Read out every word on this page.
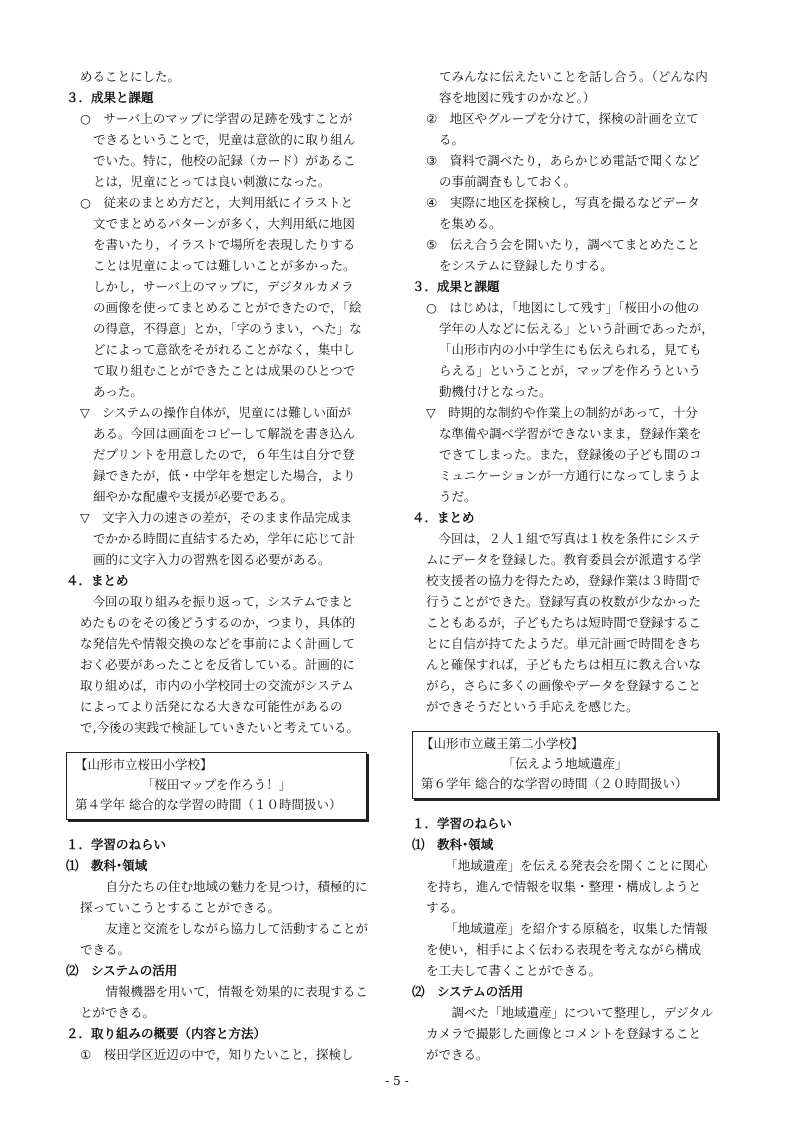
めることにした。
３．成果と課題
○　サーバ上のマップに学習の足跡を残すことが
できるということで，児童は意欲的に取り組ん
でいた。特に，他校の記録（カード）があるこ
とは，児童にとっては良い刺激になった。
○　従来のまとめ方だと，大判用紙にイラストと
文でまとめるパターンが多く，大判用紙に地図
を書いたり，イラストで場所を表現したりする
ことは児童によっては難しいことが多かった。
しかし，サーバ上のマップに，デジタルカメラ
の画像を使ってまとめることができたので，「絵
の得意，不得意」とか，「字のうまい，へた」な
どによって意欲をそがれることがなく，集中し
て取り組むことができたことは成果のひとつで
あった。
▽　システムの操作自体が，児童には難しい面が
ある。今回は画面をコピーして解説を書き込ん
だプリントを用意したので，６年生は自分で登
録できたが，低・中学年を想定した場合，より
細やかな配慮や支援が必要である。
▽　文字入力の速さの差が，そのまま作品完成ま
でかかる時間に直結するため，学年に応じて計
画的に文字入力の習熟を図る必要がある。
４．まとめ
　今回の取り組みを振り返って，システムでまと
めたものをその後どうするのか，つまり，具体的
な発信先や情報交換のなどを事前によく計画して
おく必要があったことを反省している。計画的に
取り組めば，市内の小学校同士の交流がシステム
によってより活発になる大きな可能性があるの
で,今後の実践で検証していきたいと考えている。
【山形市立桜田小学校】
「桜田マップを作ろう！」
第４学年 総合的な学習の時間（１０時間扱い）
１．学習のねらい
⑴　教科･領域
　自分たちの住む地域の魅力を見つけ，積極的に
探っていこうとすることができる。
　友達と交流をしながら協力して活動することが
できる。
⑵　システムの活用
　情報機器を用いて，情報を効果的に表現するこ
とができる。
２．取り組みの概要（内容と方法）
①　桜田学区近辺の中で，知りたいこと，探検し
てみんなに伝えたいことを話し合う。（どんな内
容を地図に残すのかなど。）
②　地区やグループを分けて，探検の計画を立て
る。
③　資料で調べたり，あらかじめ電話で聞くなど
の事前調査もしておく。
④　実際に地区を探検し，写真を撮るなどデータ
を集める。
⑤　伝え合う会を開いたり，調べてまとめたこと
をシステムに登録したりする。
３．成果と課題
○　はじめは，「地図にして残す」「桜田小の他の
学年の人などに伝える」という計画であったが，
「山形市内の小中学生にも伝えられる，見ても
らえる」ということが，マップを作ろうという
動機付けとなった。
▽　時期的な制約や作業上の制約があって，十分
な準備や調べ学習ができないまま，登録作業を
できてしまった。また，登録後の子ども間のコ
ミュニケーションが一方通行になってしまうよ
うだ。
４．まとめ
　今回は，２人１組で写真は１枚を条件にシステ
ムにデータを登録した。教育委員会が派遣する学
校支援者の協力を得たため，登録作業は３時間で
行うことができた。登録写真の枚数が少なかった
こともあるが，子どもたちは短時間で登録するこ
とに自信が持てたようだ。単元計画で時間をきち
んと確保すれば，子どもたちは相互に教え合いな
がら，さらに多くの画像やデータを登録すること
ができそうだという手応えを感じた。
【山形市立蔵王第二小学校】
「伝えよう地域遺産」
第６学年 総合的な学習の時間（２０時間扱い）
１．学習のねらい
⑴　教科･領域
　「地域遺産」を伝える発表会を開くことに関心
を持ち，進んで情報を収集・整理・構成しようと
する。
　「地域遺産」を紹介する原稿を，収集した情報
を使い，相手によく伝わる表現を考えながら構成
を工夫して書くことができる。
⑵　システムの活用
　調べた「地域遺産」について整理し，デジタル
カメラで撮影した画像とコメントを登録すること
ができる。
- 5 -
